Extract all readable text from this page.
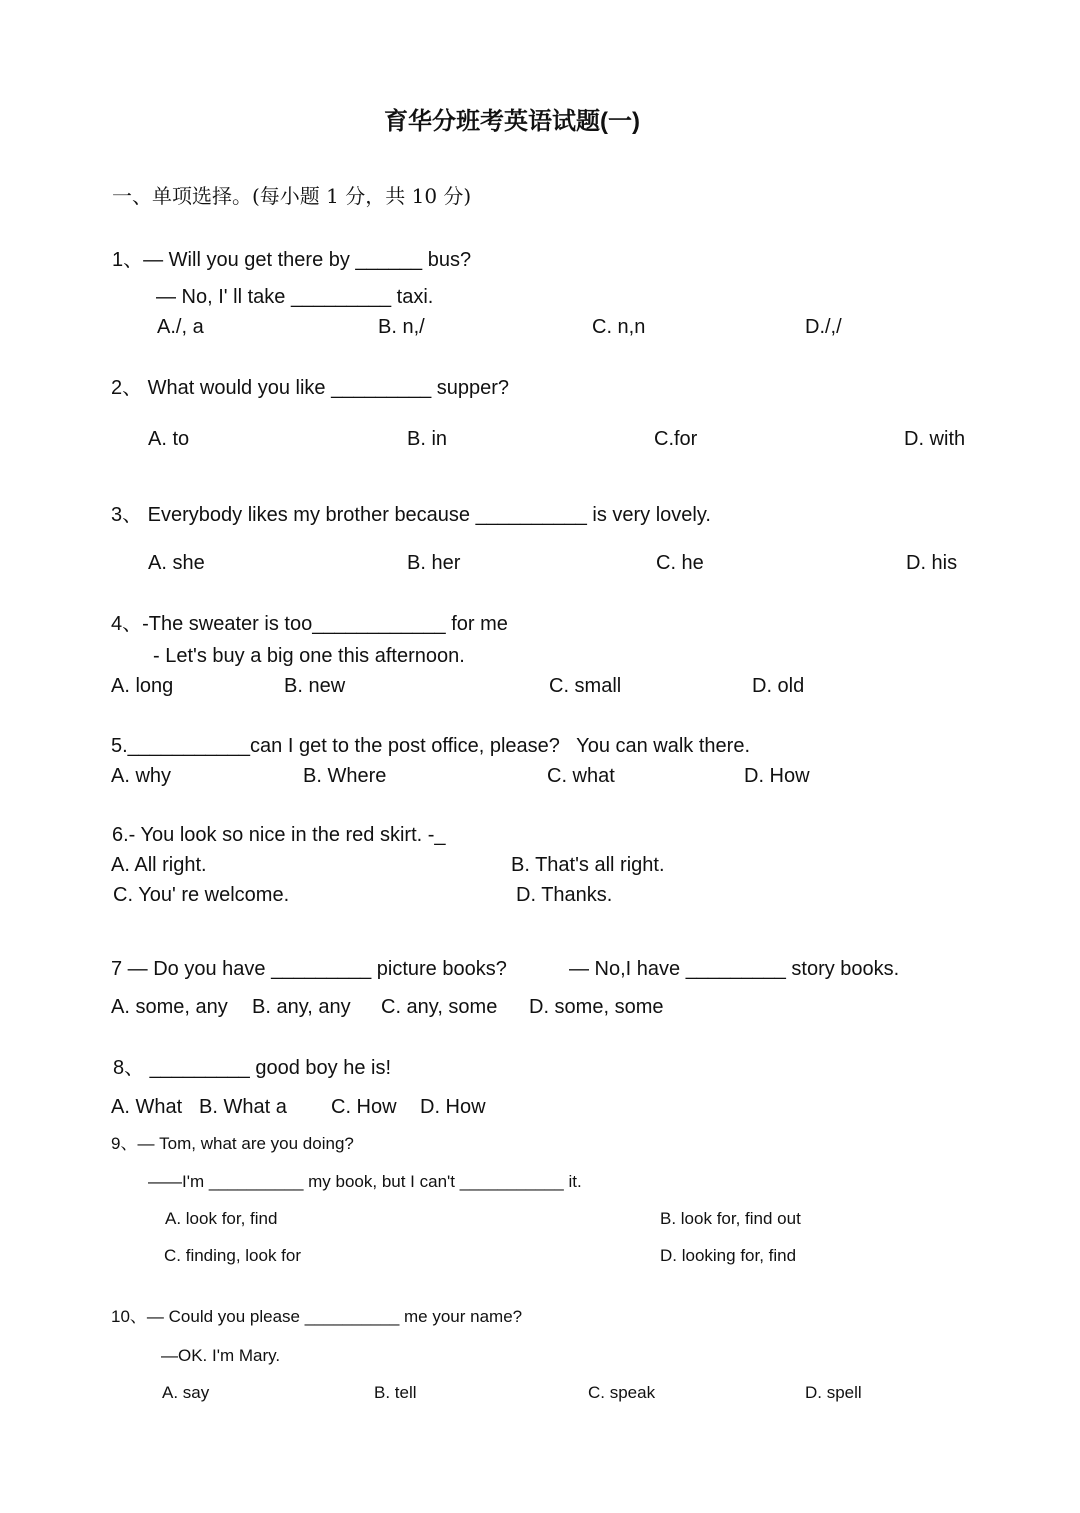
育华分班考英语试题(一)
一、单项选择。(每小题 1 分，共 10 分)
1、— Will you get there by ______ bus?
— No, I' ll take _________ taxi.
A./, a	B. n,/	C. n,n	D./,/
2、 What would you like _________ supper?
A. to	B. in	C.for	D. with
3、 Everybody likes my brother because __________ is very lovely.
A. she	B. her	C. he	D. his
4、-The sweater is too____________ for me
- Let's buy a big one this afternoon.
A. long	B. new	C. small	D. old
5.___________can I get to the post office, please?   You can walk there.
A. why	B. Where	C. what	D. How
6.- You look so nice in the red skirt. -_
A. All right.	B. That's all right.
C. You' re welcome.	D. Thanks.
7 — Do you have _________ picture books?	— No,I have _________ story books.
A. some, any B. any, any C. any, some D. some, some
8、 _________ good boy he is!
A. What B. What a C. How D. How
9、— Tom, what are you doing?
——I'm __________ my book, but I can't ___________ it.
A. look for, find	B. look for, find out
C. finding, look for	D. looking for, find
10、— Could you please __________ me your name?
—OK. I'm Mary.
A. say	B. tell	C. speak	D. spell
